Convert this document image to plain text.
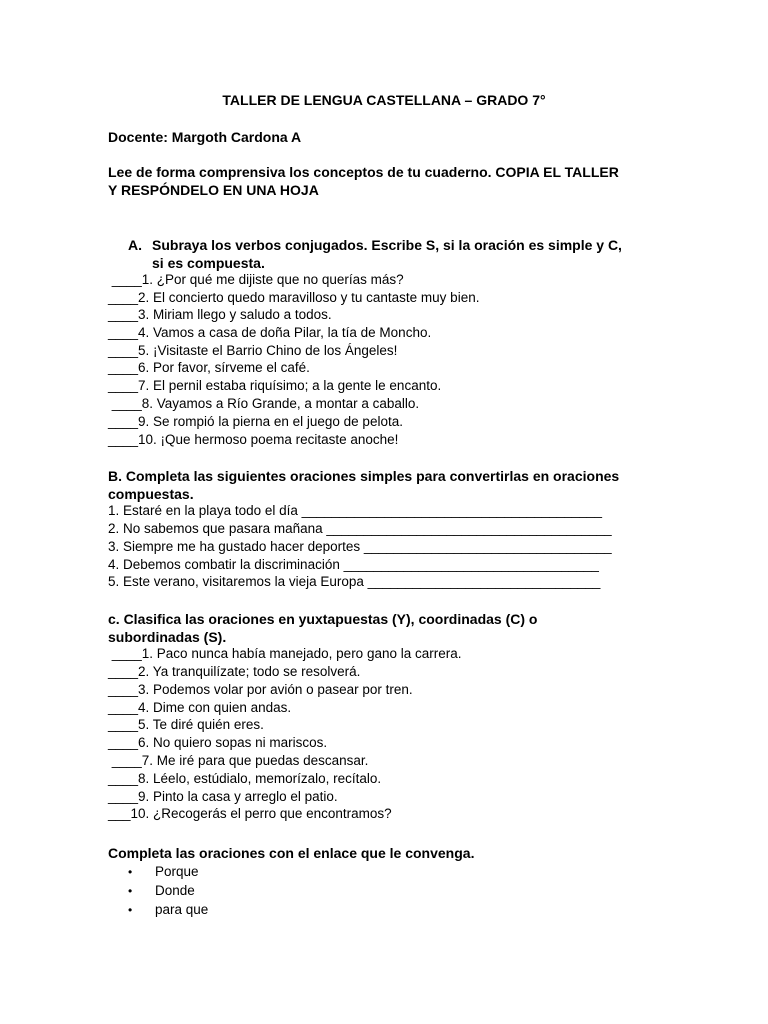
TALLER DE LENGUA CASTELLANA – GRADO 7°
Docente: Margoth Cardona A
Lee de forma comprensiva los conceptos de tu cuaderno. COPIA EL TALLER
Y RESPÓNDELO EN UNA HOJA
A. Subraya los verbos conjugados. Escribe S, si la oración es simple y C,
si es compuesta.
____1. ¿Por qué me dijiste que no querías más?
____2. El concierto quedo maravilloso y tu cantaste muy bien.
____3. Miriam llego y saludo a todos.
____4. Vamos a casa de doña Pilar, la tía de Moncho.
____5. ¡Visitaste el Barrio Chino de los Ángeles!
____6. Por favor, sírveme el café.
____7. El pernil estaba riquísimo; a la gente le encanto.
____8. Vayamos a Río Grande, a montar a caballo.
____9. Se rompió la pierna en el juego de pelota.
____10. ¡Que hermoso poema recitaste anoche!
B. Completa las siguientes oraciones simples para convertirlas en oraciones
compuestas.
1. Estaré en la playa todo el día ________________________________________
2. No sabemos que pasara mañana ______________________________________
3. Siempre me ha gustado hacer deportes _________________________________
4. Debemos combatir la discriminación __________________________________
5. Este verano, visitaremos la vieja Europa _______________________________
c. Clasifica las oraciones en yuxtapuestas (Y), coordinadas (C) o
subordinadas (S).
____1. Paco nunca había manejado, pero gano la carrera.
____2. Ya tranquilízate; todo se resolverá.
____3. Podemos volar por avión o pasear por tren.
____4. Dime con quien andas.
____5. Te diré quién eres.
____6. No quiero sopas ni mariscos.
____7. Me iré para que puedas descansar.
____8. Léelo, estúdialo, memorízalo, recítalo.
____9. Pinto la casa y arreglo el patio.
___10. ¿Recogerás el perro que encontramos?
Completa las oraciones con el enlace que le convenga.
• Porque
• Donde
• para que
